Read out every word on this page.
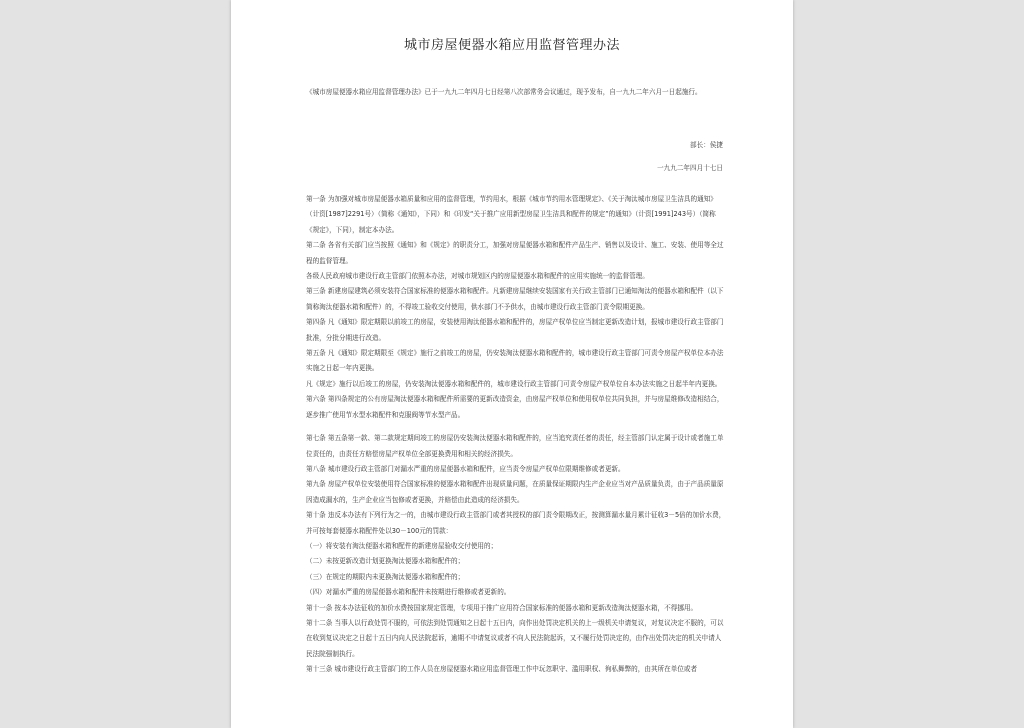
城市房屋便器水箱应用监督管理办法

《城市房屋便器水箱应用监督管理办法》已于一九九二年四月七日经第八次部常务会议通过，现予发布，自一九九二年六月一日起施行。

部长：侯捷
一九九二年四月十七日

第一条 为加强对城市房屋便器水箱质量和应用的监督管理，节约用水，根据《城市节约用水管理规定》、《关于淘汰城市房屋卫生洁具的通知》（计资[1987]2291号）（简称《通知》，下同）和《印发“关于推广应用新型房屋卫生洁具和配件的规定”的通知》（计资[1991]243号）（简称《规定》，下同），制定本办法。

第二条 各省有关部门应当按照《通知》和《规定》的职责分工，加强对房屋便器水箱和配件产品生产、销售以及设计、施工、安装、使用等全过程的监督管理。

各级人民政府城市建设行政主管部门依照本办法，对城市规划区内的房屋便器水箱和配件的应用实施统一的监督管理。

第三条 新建房屋建筑必须安装符合国家标准的便器水箱和配件。凡新建房屋继续安装国家有关行政主管部门已通知淘汰的便器水箱和配件（以下简称淘汰便器水箱和配件）的，不得竣工验收交付使用，供水部门不予供水，由城市建设行政主管部门责令限期更换。

第四条 凡《通知》限定期限以前竣工的房屋，安装使用淘汰便器水箱和配件的，房屋产权单位应当制定更新改造计划，报城市建设行政主管部门批准，分批分期进行改造。

第五条 凡《通知》限定期限至《规定》施行之前竣工的房屋，仍安装淘汰便器水箱和配件的，城市建设行政主管部门可责令房屋产权单位本办法实施之日起一年内更换。

凡《规定》施行以后竣工的房屋，仍安装淘汰便器水箱和配件的，城市建设行政主管部门可责令房屋产权单位自本办法实施之日起半年内更换。

第六条 第四条规定的公有房屋淘汰便器水箱和配件所需要的更新改造资金，由房屋产权单位和使用权单位共同负担，并与房屋维修改造相结合，逐步推广使用节水型水箱配件和克服阀等节水型产品。

第七条 第五条第一款、第二款规定期间竣工的房屋仍安装淘汰便器水箱和配件的，应当追究责任者的责任，经主管部门认定属于设计或者施工单位责任的，由责任方赔偿房屋产权单位全部更换费用和相关的经济损失。

第八条 城市建设行政主管部门对漏水严重的房屋便器水箱和配件，应当责令房屋产权单位限期维修或者更新。

第九条 房屋产权单位安装使用符合国家标准的便器水箱和配件出现质量问题，在质量保证期限内生产企业应当对产品质量负责，由于产品质量原因造成漏水的，生产企业应当包修或者更换，并赔偿由此造成的经济损失。

第十条 违反本办法有下列行为之一的，由城市建设行政主管部门或者其授权的部门责令限期改正，按测算漏水量月累计征收3－5倍的加价水费，并可按每套便器水箱配件处以30－100元的罚款：

（一）将安装有淘汰便器水箱和配件的新建房屋验收交付使用的；

（二）未按更新改造计划更换淘汰便器水箱和配件的；

（三）在规定的期限内未更换淘汰便器水箱和配件的；

（四）对漏水严重的房屋便器水箱和配件未按期进行维修或者更新的。

第十一条 按本办法征收的加价水费按国家规定管理，专项用于推广应用符合国家标准的便器水箱和更新改造淘汰便器水箱，不得挪用。

第十二条 当事人以行政处罚不服的，可依法到处罚通知之日起十五日内，向作出处罚决定机关的上一级机关申请复议，对复议决定不服的，可以在收到复议决定之日起十五日内向人民法院起诉，逾期不申请复议或者不向人民法院起诉，又不履行处罚决定的，由作出处罚决定的机关申请人民法院强制执行。

第十三条 城市建设行政主管部门的工作人员在房屋便器水箱应用监督管理工作中玩忽职守、滥用职权、徇私舞弊的，由其所在单位或者
